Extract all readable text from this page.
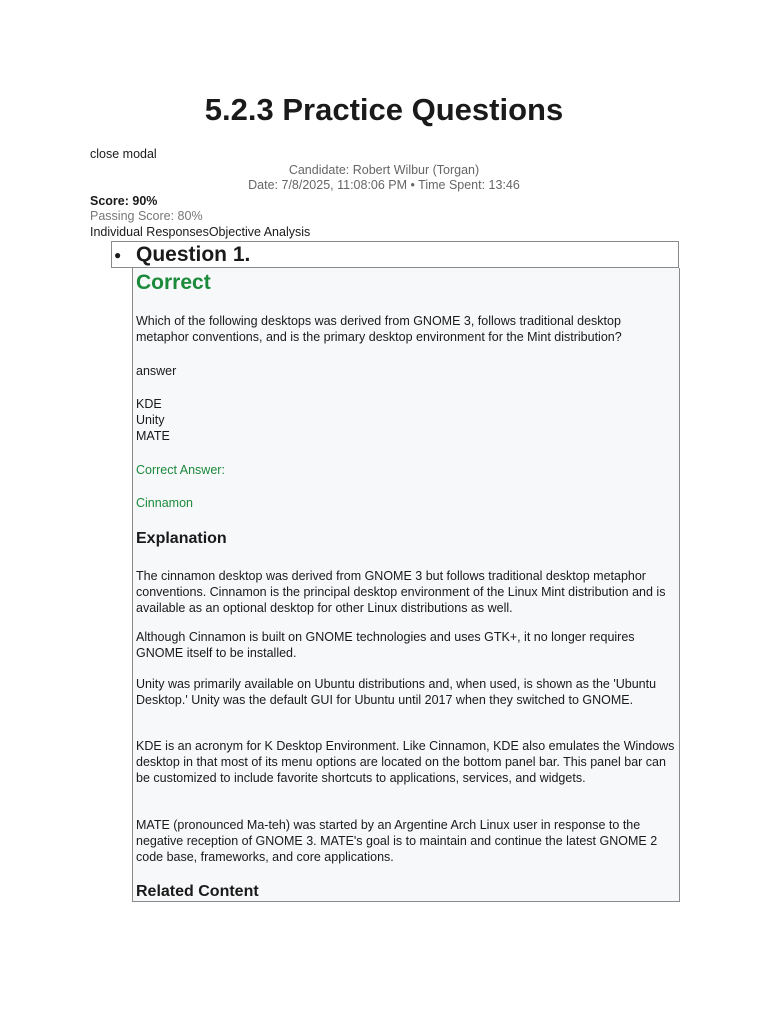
5.2.3 Practice Questions
close modal
Candidate: Robert Wilbur (Torgan)
Date: 7/8/2025, 11:08:06 PM • Time Spent: 13:46
Score: 90%
Passing Score: 80%
Individual ResponsesObjective Analysis
● Question 1.
Correct

Which of the following desktops was derived from GNOME 3, follows traditional desktop metaphor conventions, and is the primary desktop environment for the Mint distribution?

answer

KDE

Unity

MATE

Correct Answer:

Cinnamon

Explanation

The cinnamon desktop was derived from GNOME 3 but follows traditional desktop metaphor conventions. Cinnamon is the principal desktop environment of the Linux Mint distribution and is available as an optional desktop for other Linux distributions as well.

Although Cinnamon is built on GNOME technologies and uses GTK+, it no longer requires GNOME itself to be installed.

Unity was primarily available on Ubuntu distributions and, when used, is shown as the 'Ubuntu Desktop.' Unity was the default GUI for Ubuntu until 2017 when they switched to GNOME.

KDE is an acronym for K Desktop Environment. Like Cinnamon, KDE also emulates the Windows desktop in that most of its menu options are located on the bottom panel bar. This panel bar can be customized to include favorite shortcuts to applications, services, and widgets.

MATE (pronounced Ma-teh) was started by an Argentine Arch Linux user in response to the negative reception of GNOME 3. MATE's goal is to maintain and continue the latest GNOME 2 code base, frameworks, and core applications.

Related Content
